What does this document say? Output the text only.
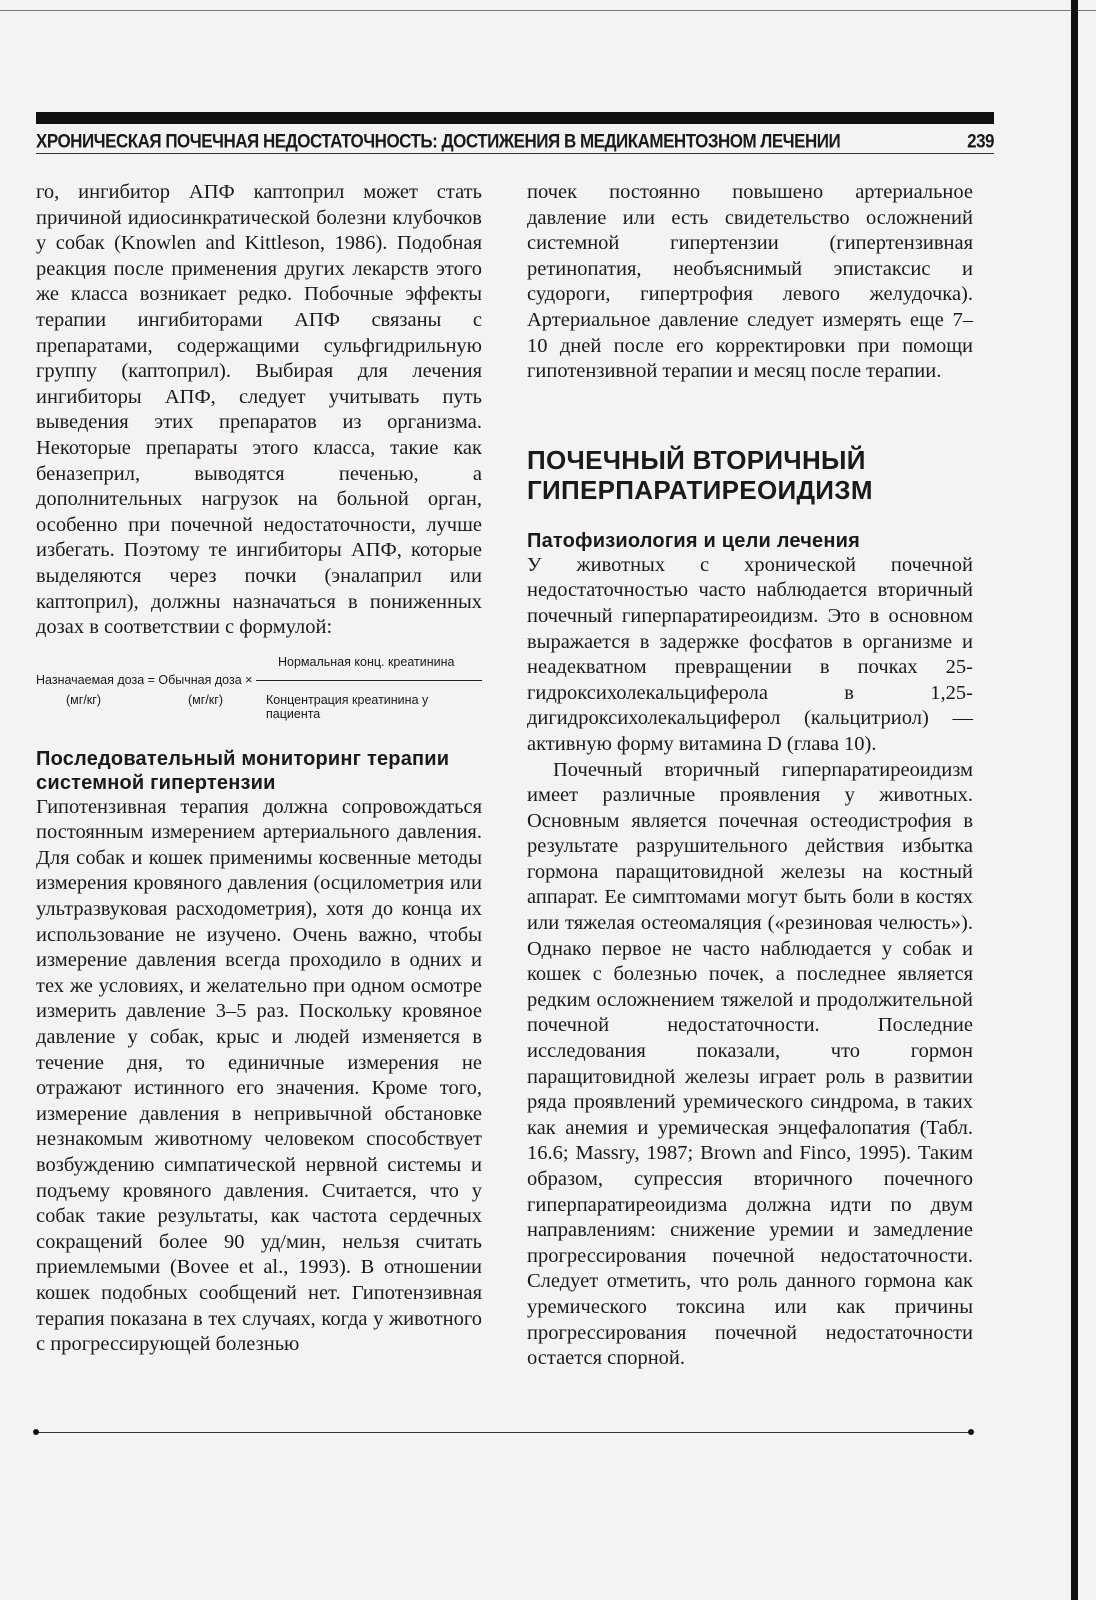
ХРОНИЧЕСКАЯ ПОЧЕЧНАЯ НЕДОСТАТОЧНОСТЬ: ДОСТИЖЕНИЯ В МЕДИКАМЕНТОЗНОМ ЛЕЧЕНИИ	239

го, ингибитор АПФ каптоприл может стать причиной идиосинкратической болезни клубочков у собак (Knowlen and Kittleson, 1986). Подобная реакция после применения других лекарств этого же класса возникает редко. Побочные эффекты терапии ингибиторами АПФ связаны с препаратами, содержащими сульфгидрильную группу (каптоприл). Выбирая для лечения ингибиторы АПФ, следует учитывать путь выведения этих препаратов из организма. Некоторые препараты этого класса, такие как беназеприл, выводятся печенью, а дополнительных нагрузок на больной орган, особенно при почечной недостаточности, лучше избегать. Поэтому те ингибиторы АПФ, которые выделяются через почки (эналаприл или каптоприл), должны назначаться в пониженных дозах в соответствии с формулой:

Нормальная конц. креатинина
Назначаемая доза = Обычная доза ×
(мг/кг)	(мг/кг)	Концентрация креатинина у пациента
Последовательный мониторинг терапии системной гипертензии

Гипотензивная терапия должна сопровождаться постоянным измерением артериального давления. Для собак и кошек применимы косвенные методы измерения кровяного давления (осцилометрия или ультразвуковая расходометрия), хотя до конца их использование не изучено. Очень важно, чтобы измерение давления всегда проходило в одних и тех же условиях, и желательно при одном осмотре измерить давление 3–5 раз. Поскольку кровяное давление у собак, крыс и людей изменяется в течение дня, то единичные измерения не отражают истинного его значения. Кроме того, измерение давления в непривычной обстановке незнакомым животному человеком способствует возбуждению симпатической нервной системы и подъему кровяного давления. Считается, что у собак такие результаты, как частота сердечных сокращений более 90 уд/мин, нельзя считать приемлемыми (Bovee et al., 1993). В отношении кошек подобных сообщений нет. Гипотензивная терапия показана в тех случаях, когда у животного с прогрессирующей болезнью

почек постоянно повышено артериальное давление или есть свидетельство осложнений системной гипертензии (гипертензивная ретинопатия, необъяснимый эпистаксис и судороги, гипертрофия левого желудочка). Артериальное давление следует измерять еще 7–10 дней после его корректировки при помощи гипотензивной терапии и месяц после терапии.

ПОЧЕЧНЫЙ ВТОРИЧНЫЙ ГИПЕРПАРАТИРЕОИДИЗМ
Патофизиология и цели лечения

У животных с хронической почечной недостаточностью часто наблюдается вторичный почечный гиперпаратиреоидизм. Это в основном выражается в задержке фосфатов в организме и неадекватном превращении в почках 25-гидроксихолекальциферола в 1,25-дигидроксихолекальциферол (кальцитриол) — активную форму витамина D (глава 10).

Почечный вторичный гиперпаратиреоидизм имеет различные проявления у животных. Основным является почечная остеодистрофия в результате разрушительного действия избытка гормона паращитовидной железы на костный аппарат. Ее симптомами могут быть боли в костях или тяжелая остеомаляция («резиновая челюсть»). Однако первое не часто наблюдается у собак и кошек с болезнью почек, а последнее является редким осложнением тяжелой и продолжительной почечной недостаточности. Последние исследования показали, что гормон паращитовидной железы играет роль в развитии ряда проявлений уремического синдрома, в таких как анемия и уремическая энцефалопатия (Табл. 16.6; Massry, 1987; Brown and Finco, 1995). Таким образом, супрессия вторичного почечного гиперпаратиреоидизма должна идти по двум направлениям: снижение уремии и замедление прогрессирования почечной недостаточности. Следует отметить, что роль данного гормона как уремического токсина или как причины прогрессирования почечной недостаточности остается спорной.
